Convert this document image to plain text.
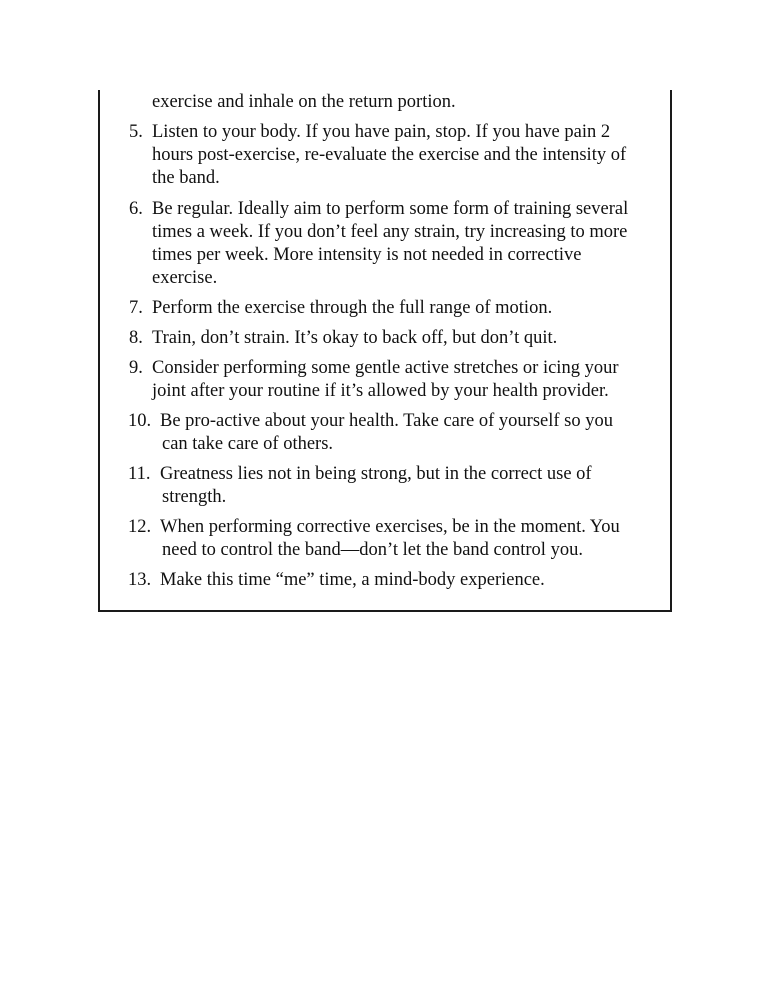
exercise and inhale on the return portion.
5. Listen to your body. If you have pain, stop. If you have pain 2
hours post-exercise, re-evaluate the exercise and the intensity of
the band.
6. Be regular. Ideally aim to perform some form of training several
times a week. If you don’t feel any strain, try increasing to more
times per week. More intensity is not needed in corrective
exercise.
7. Perform the exercise through the full range of motion.
8. Train, don’t strain. It’s okay to back off, but don’t quit.
9. Consider performing some gentle active stretches or icing your
joint after your routine if it’s allowed by your health provider.
10. Be pro-active about your health. Take care of yourself so you
can take care of others.
11. Greatness lies not in being strong, but in the correct use of
strength.
12. When performing corrective exercises, be in the moment. You
need to control the band—don’t let the band control you.
13. Make this time “me” time, a mind-body experience.
